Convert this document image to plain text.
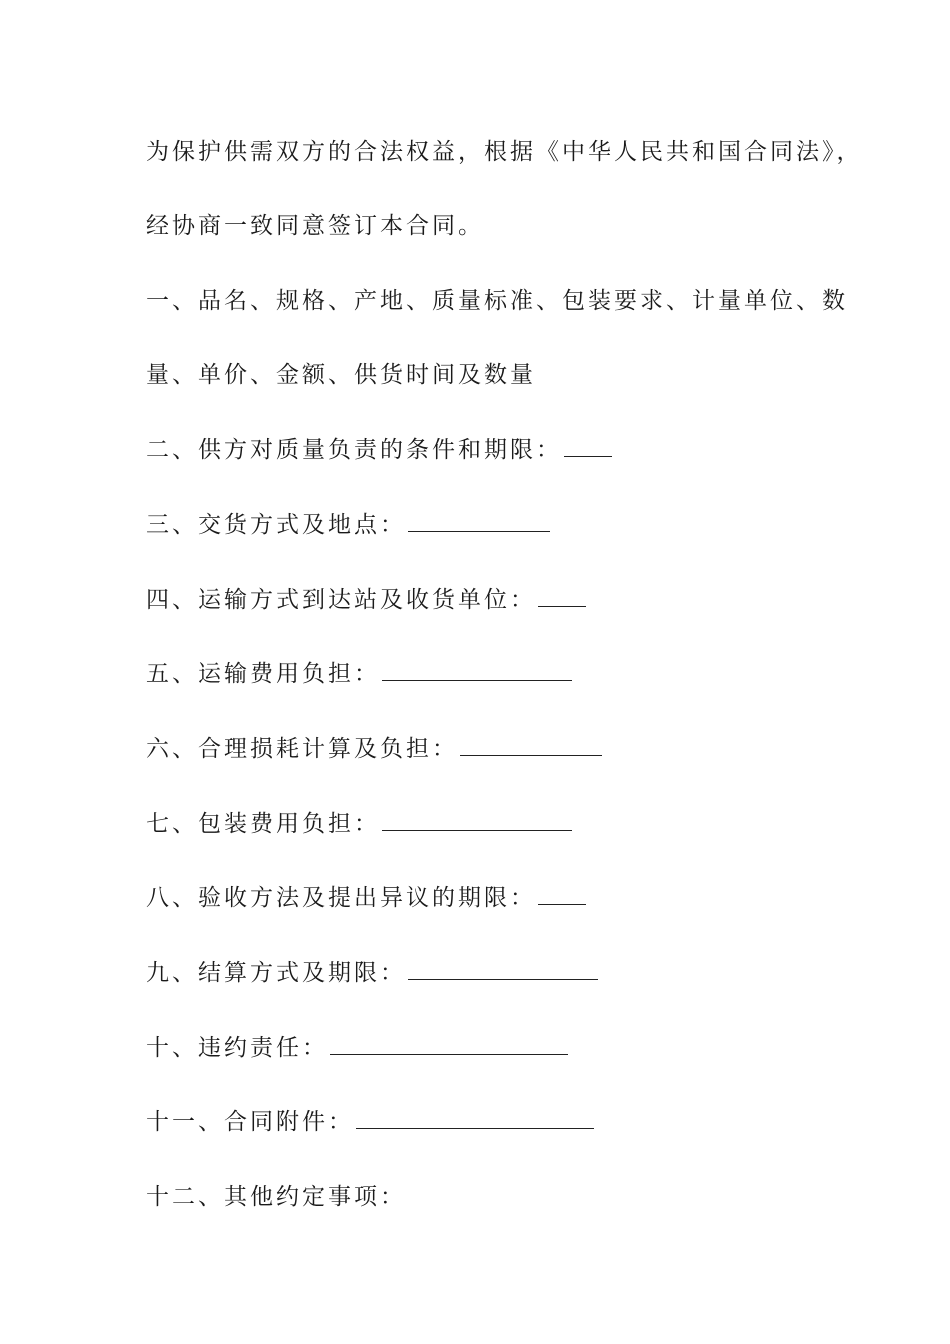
为保护供需双方的合法权益，根据《中华人民共和国合同法》，
经协商一致同意签订本合同。
一、品名、规格、产地、质量标准、包装要求、计量单位、数
量、单价、金额、供货时间及数量
二、供方对质量负责的条件和期限：
三、交货方式及地点：
四、运输方式到达站及收货单位：
五、运输费用负担：
六、合理损耗计算及负担：
七、包装费用负担：
八、验收方法及提出异议的期限：
九、结算方式及期限：
十、违约责任：
十一、合同附件：
十二、其他约定事项：
